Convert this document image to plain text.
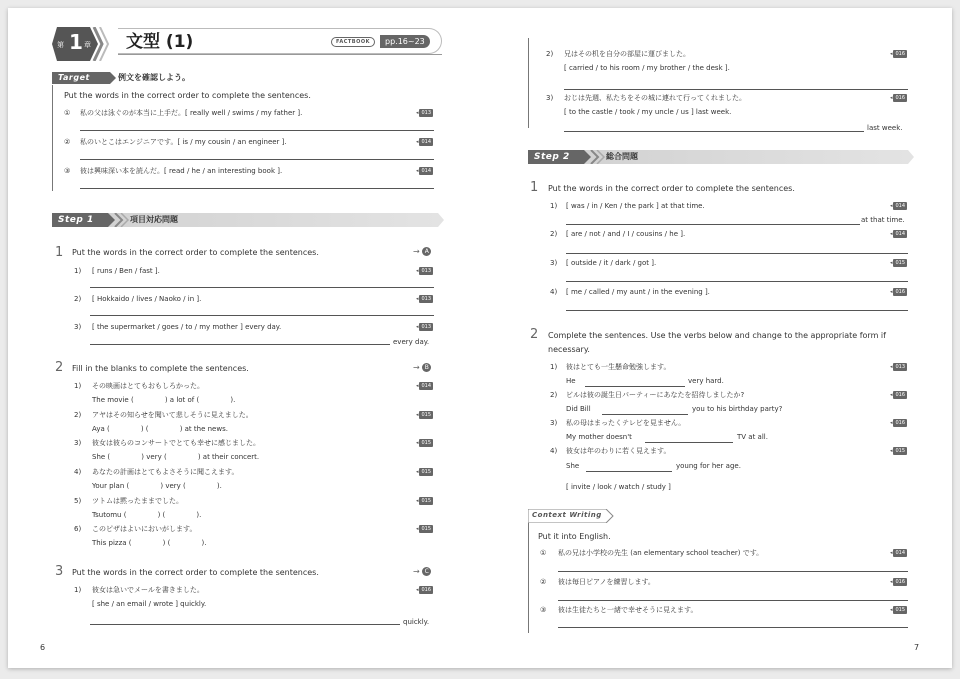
第 1 章 文型 (1)	FACTBOOK	pp.16~23
Target	例文を確認しよう。
Put the words in the correct order to complete the sentences.
① 私の父は泳ぐのが本当に上手だ。[ really well / swims / my father ].	◂ 013
② 私のいとこはエンジニアです。[ is / my cousin / an engineer ].	◂ 014
③ 彼は興味深い本を読んだ。[ read / he / an interesting book ].	◂ 014
Step 1	項目対応問題
1 Put the words in the correct order to complete the sentences.	→ A
1) [ runs / Ben / fast ].	◂ 013
2) [ Hokkaido / lives / Naoko / in ].	◂ 013
3) [ the supermarket / goes / to / my mother ] every day.	◂ 013
every day.
2 Fill in the blanks to complete the sentences.	→ B
1) その映画はとてもおもしろかった。
The movie (              ) a lot of (              ).
◂ 014
2) アヤはその知らせを聞いて悲しそうに見えました。
Aya (              ) (              ) at the news.
◂ 015
3) 彼女は彼らのコンサートでとても幸せに感じました。
She (              ) very (              ) at their concert.
◂ 015
4) あなたの計画はとてもよさそうに聞こえます。
Your plan (              ) very (              ).
◂ 015
5) ツトムは黙ったままでした。
Tsutomu (              ) (              ).
◂ 015
6) このピザはよいにおいがします。
This pizza (              ) (              ).
◂ 015
3 Put the words in the correct order to complete the sentences.	→ C
1) 彼女は急いでメールを書きました。
[ she / an email / wrote ] quickly.
◂ 016
quickly.
6
2) 兄はその机を自分の部屋に運びました。
[ carried / to his room / my brother / the desk ].
◂ 016
3) おじは先週、私たちをその城に連れて行ってくれました。
[ to the castle / took / my uncle / us ] last week.
◂ 016
last week.
Step 2	総合問題
1 Put the words in the correct order to complete the sentences.
1) [ was / in / Ken / the park ] at that time.	◂ 014
at that time.
2) [ are / not / and / I / cousins / he ].	◂ 014
3) [ outside / it / dark / got ].	◂ 015
4) [ me / called / my aunt / in the evening ].	◂ 016
2 Complete the sentences. Use the verbs below and change to the appropriate form if
necessary.
1) 彼はとても一生懸命勉強します。	◂ 013
He	very hard.
2) ビルは彼の誕生日パーティーにあなたを招待しましたか?	◂ 016
Did Bill	you to his birthday party?
3) 私の母はまったくテレビを見ません。	◂ 016
My mother doesn't	TV at all.
4) 彼女は年のわりに若く見えます。	◂ 015
She	young for her age.
[ invite / look / watch / study ]
Context Writing
Put it into English.
① 私の兄は小学校の先生 (an elementary school teacher) です。	◂ 014
② 彼は毎日ピアノを練習します。	◂ 016
③ 彼は生徒たちと一緒で幸せそうに見えます。	◂ 015
7
